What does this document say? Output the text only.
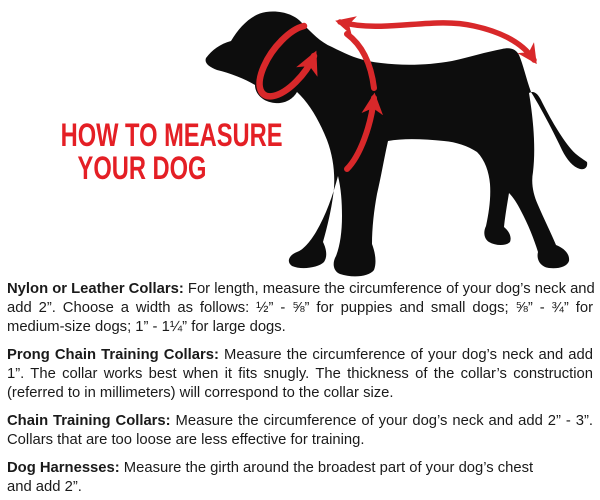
HOW TO MEASURE
YOUR DOG

Nylon or Leather Collars: For length, measure the circumference of your dog’s neck and
add 2”. Choose a width as follows: ½” - ⅝” for puppies and small dogs; ⅝” - ¾” for
medium-size dogs; 1” - 1¼” for large dogs.

Prong Chain Training Collars: Measure the circumference of your dog’s neck and add
1”. The collar works best when it fits snugly. The thickness of the collar’s construction
(referred to in millimeters) will correspond to the collar size.

Chain Training Collars: Measure the circumference of your dog’s neck and add 2” - 3”.
Collars that are too loose are less effective for training.

Dog Harnesses: Measure the girth around the broadest part of your dog’s chest
and add 2”.
